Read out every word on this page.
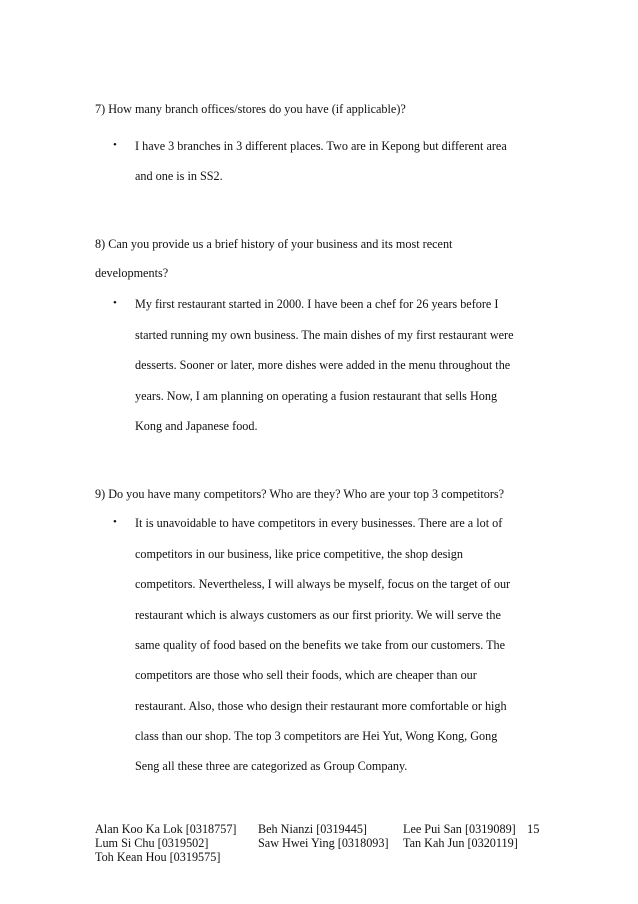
7) How many branch offices/stores do you have (if applicable)?
• I have 3 branches in 3 different places. Two are in Kepong but different area
and one is in SS2.
8) Can you provide us a brief history of your business and its most recent
developments?
• My first restaurant started in 2000. I have been a chef for 26 years before I
started running my own business. The main dishes of my first restaurant were
desserts. Sooner or later, more dishes were added in the menu throughout the
years. Now, I am planning on operating a fusion restaurant that sells Hong
Kong and Japanese food.
9) Do you have many competitors? Who are they? Who are your top 3 competitors?
• It is unavoidable to have competitors in every businesses. There are a lot of
competitors in our business, like price competitive, the shop design
competitors. Nevertheless, I will always be myself, focus on the target of our
restaurant which is always customers as our first priority. We will serve the
same quality of food based on the benefits we take from our customers. The
competitors are those who sell their foods, which are cheaper than our
restaurant. Also, those who design their restaurant more comfortable or high
class than our shop. The top 3 competitors are Hei Yut, Wong Kong, Gong
Seng all these three are categorized as Group Company.
Alan Koo Ka Lok [0318757] Beh Nianzi [0319445]	Lee Pui San [0319089]
Lum Si Chu [0319502]	Saw Hwei Ying [0318093] Tan Kah Jun [0320119]
Toh Kean Hou [0319575]
15
